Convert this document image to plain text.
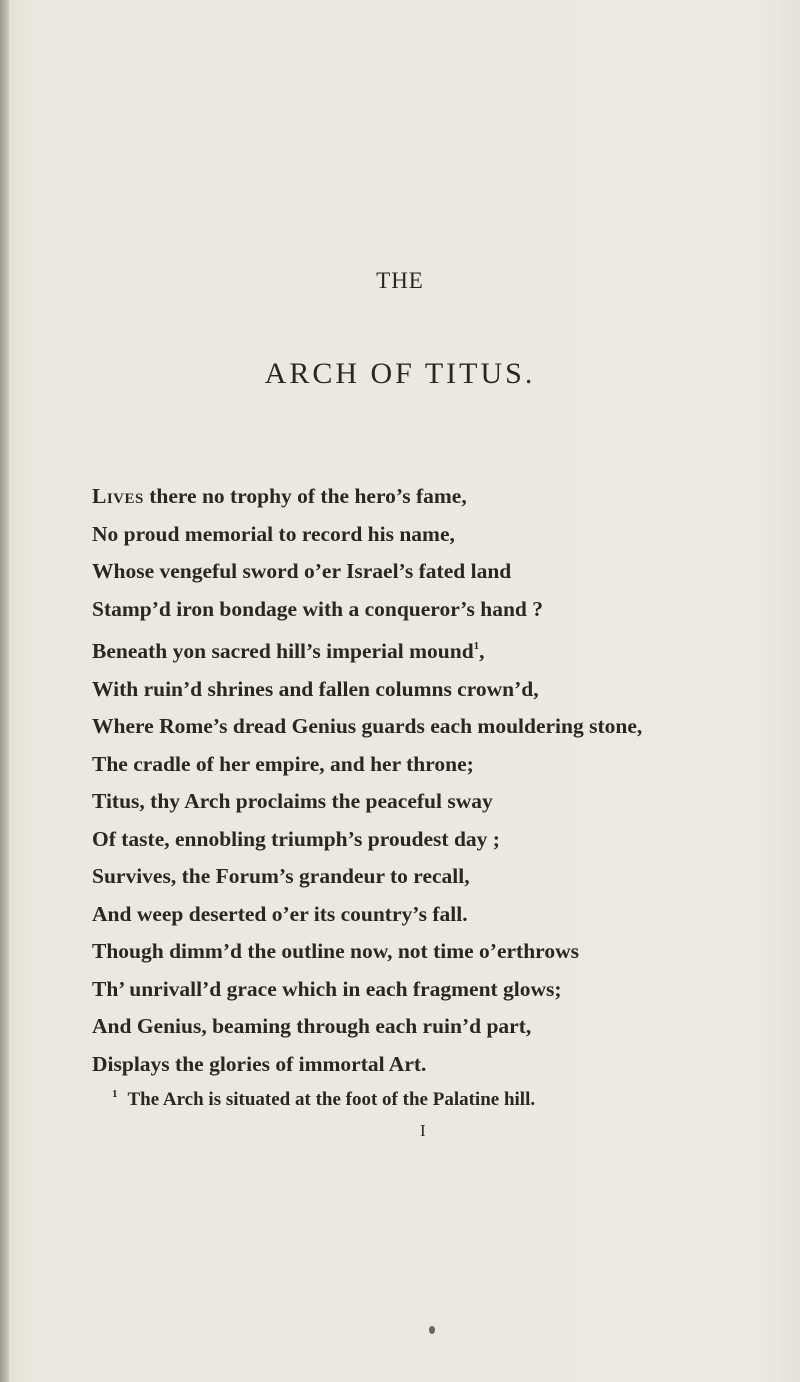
THE
ARCH OF TITUS.
Lives there no trophy of the hero’s fame,
No proud memorial to record his name,
Whose vengeful sword o’er Israel’s fated land
Stamp’d iron bondage with a conqueror’s hand ?
Beneath yon sacred hill’s imperial mound$^1$,
With ruin’d shrines and fallen columns crown’d,
Where Rome’s dread Genius guards each mouldering stone,
The cradle of her empire, and her throne;
Titus, thy Arch proclaims the peaceful sway
Of taste, ennobling triumph’s proudest day ;
Survives, the Forum’s grandeur to recall,
And weep deserted o’er its country’s fall.
Though dimm’d the outline now, not time o’erthrows
Th’ unrivall’d grace which in each fragment glows;
And Genius, beaming through each ruin’d part,
Displays the glories of immortal Art.
$^1$ The Arch is situated at the foot of the Palatine hill.
I
